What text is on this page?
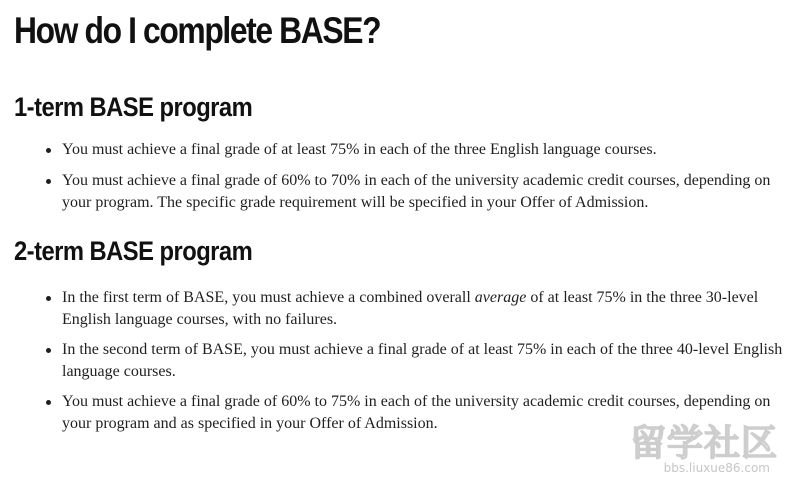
How do I complete BASE?
1-term BASE program
You must achieve a final grade of at least 75% in each of the three English language courses.
You must achieve a final grade of 60% to 70% in each of the university academic credit courses, depending on your program. The specific grade requirement will be specified in your Offer of Admission.
2-term BASE program
In the first term of BASE, you must achieve a combined overall average of at least 75% in the three 30-level English language courses, with no failures.
In the second term of BASE, you must achieve a final grade of at least 75% in each of the three 40-level English language courses.
You must achieve a final grade of 60% to 75% in each of the university academic credit courses, depending on your program and as specified in your Offer of Admission.	留学社区
bbs.liuxue86.com
